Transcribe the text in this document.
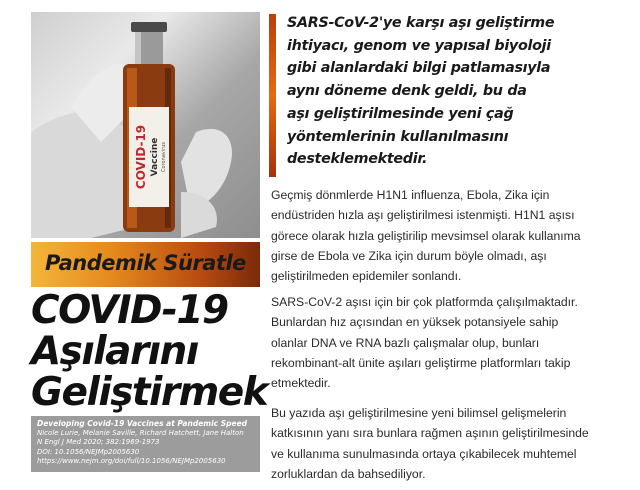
COVID-19 Vaccine Coronavirus
Pandemik Süratle
COVID-19
Aşılarını
Geliştirmek
Developing Covid-19 Vaccines at Pandemic Speed
Nicole Lurie, Melanie Saville, Richard Hatchett, Jane Halton
N Engl J Med 2020; 382:1969-1973
DOI: 10.1056/NEJMp2005630
https://www.nejm.org/doi/full/10.1056/NEJMp2005630
SARS-CoV-2'ye karşı aşı geliştirme
ihtiyacı, genom ve yapısal biyoloji
gibi alanlardaki bilgi patlamasıyla
aynı döneme denk geldi, bu da
aşı geliştirilmesinde yeni çağ
yöntemlerinin kullanılmasını
desteklemektedir.
Geçmiş dönmlerde H1N1 influenza, Ebola, Zika için
endüstriden hızla aşı geliştirilmesi istenmişti. H1N1 aşısı
görece olarak hızla geliştirilip mevsimsel olarak kullanıma
girse de Ebola ve Zika için durum böyle olmadı, aşı
geliştirilmeden epidemiler sonlandı.
SARS-CoV-2 aşısı için bir çok platformda çalışılmaktadır.
Bunlardan hız açısından en yüksek potansiyele sahip
olanlar DNA ve RNA bazlı çalışmalar olup, bunları
rekombinant-alt ünite aşıları geliştirme platformları takip
etmektedir.
Bu yazıda aşı geliştirilmesine yeni bilimsel gelişmelerin
katkısının yanı sıra bunlara rağmen aşının geliştirilmesinde
ve kullanıma sunulmasında ortaya çıkabilecek muhtemel
zorluklardan da bahsediliyor.
